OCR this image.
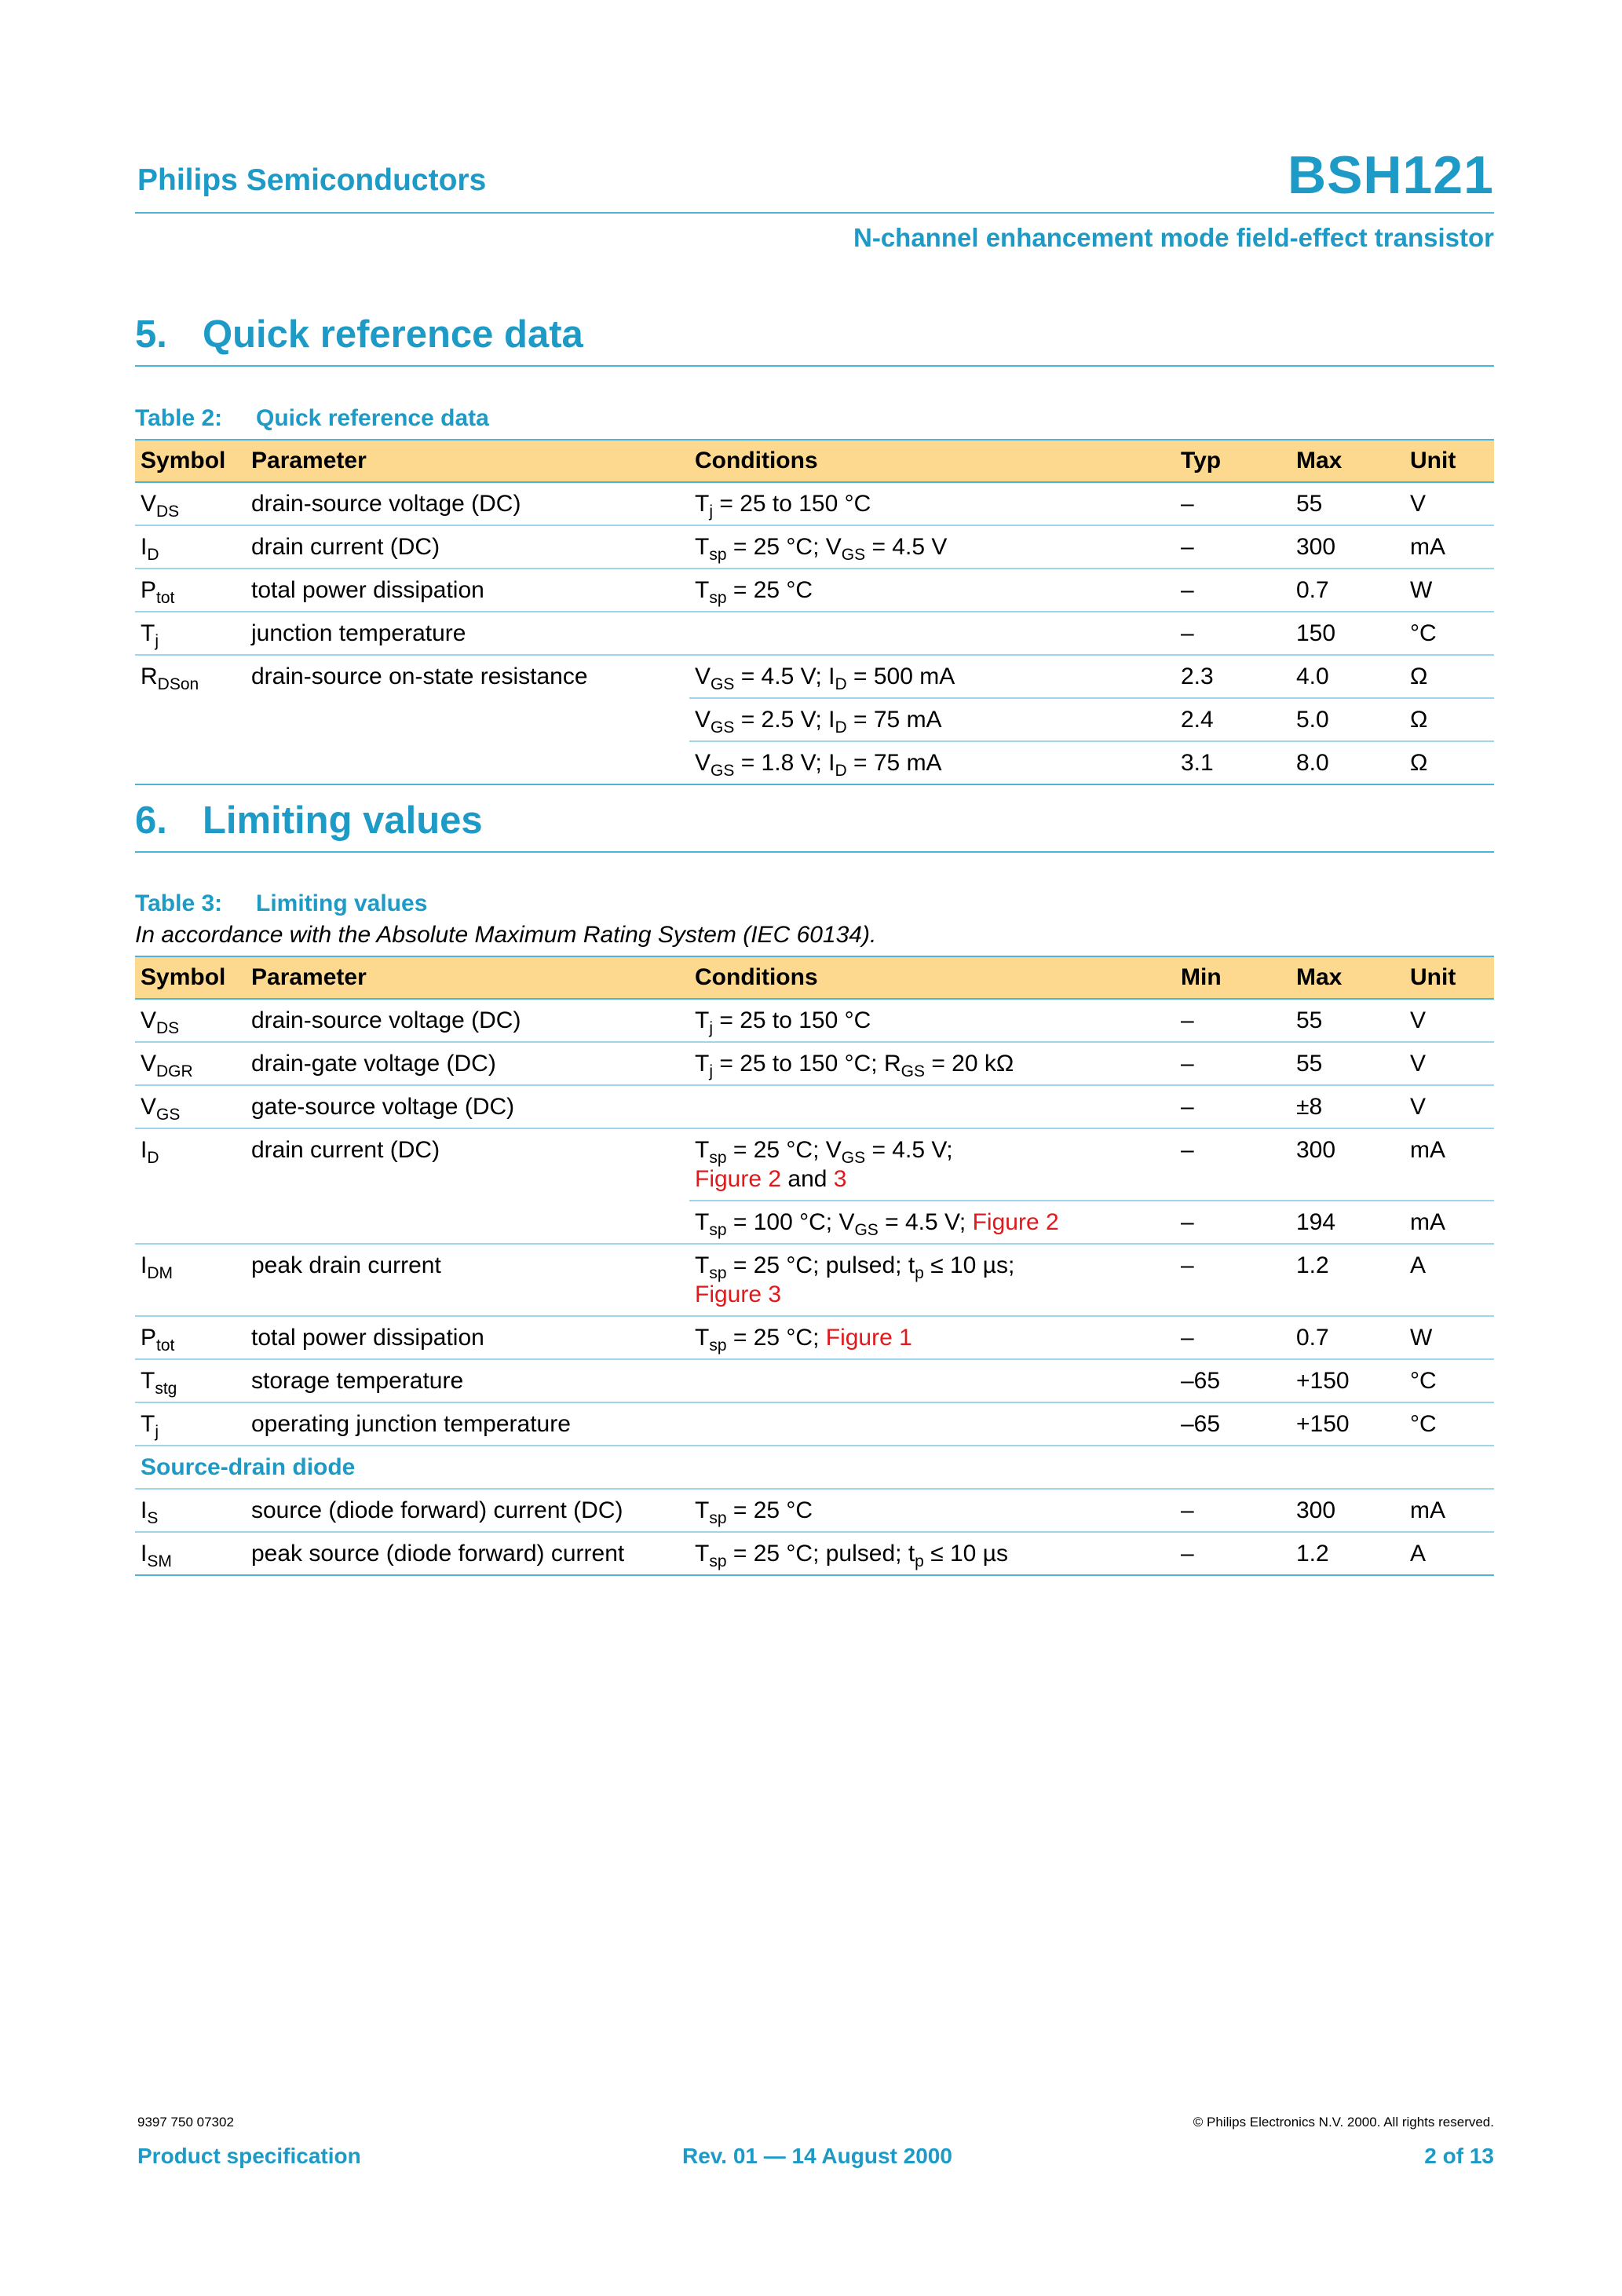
Philips Semiconductors	BSH121
N-channel enhancement mode field-effect transistor
5. Quick reference data
Table 2: Quick reference data
Symbol	Parameter	Conditions	Typ	Max	Unit
$V_{DS}$	drain-source voltage (DC)	$T_j = 25$ to 150 °C	–	55	V
$I_D$	drain current (DC)	$T_{sp} = 25$ °C; $V_{GS} = 4.5$ V	–	300	mA
$P_{tot}$	total power dissipation	$T_{sp} = 25$ °C	–	0.7	W
$T_j$	junction temperature		–	150	°C
$R_{DSon}$	drain-source on-state resistance	$V_{GS} = 4.5$ V; $I_D = 500$ mA	2.3	4.0	Ω
		$V_{GS} = 2.5$ V; $I_D = 75$ mA	2.4	5.0	Ω
		$V_{GS} = 1.8$ V; $I_D = 75$ mA	3.1	8.0	Ω
6. Limiting values
Table 3: Limiting values
In accordance with the Absolute Maximum Rating System (IEC 60134).
Symbol	Parameter	Conditions	Min	Max	Unit
$V_{DS}$	drain-source voltage (DC)	$T_j = 25$ to 150 °C	–	55	V
$V_{DGR}$	drain-gate voltage (DC)	$T_j = 25$ to 150 °C; $R_{GS} = 20$ kΩ	–	55	V
$V_{GS}$	gate-source voltage (DC)		–	±8	V
$I_D$	drain current (DC)	$T_{sp} = 25$ °C; $V_{GS} = 4.5$ V;
Figure 2 and 3	–	300	mA
		$T_{sp} = 100$ °C; $V_{GS} = 4.5$ V; Figure 2	–	194	mA
$I_{DM}$	peak drain current	$T_{sp} = 25$ °C; pulsed; $t_p \le 10$ µs;
Figure 3	–	1.2	A
$P_{tot}$	total power dissipation	$T_{sp} = 25$ °C; Figure 1	–	0.7	W
$T_{stg}$	storage temperature		–65	+150	°C
$T_j$	operating junction temperature		–65	+150	°C
Source-drain diode					
$I_S$	source (diode forward) current (DC)	$T_{sp} = 25$ °C	–	300	mA
$I_{SM}$	peak source (diode forward) current	$T_{sp} = 25$ °C; pulsed; $t_p \le 10$ µs	–	1.2	A
9397 750 07302	© Philips Electronics N.V. 2000. All rights reserved.
Product specification	Rev. 01 — 14 August 2000	2 of 13
